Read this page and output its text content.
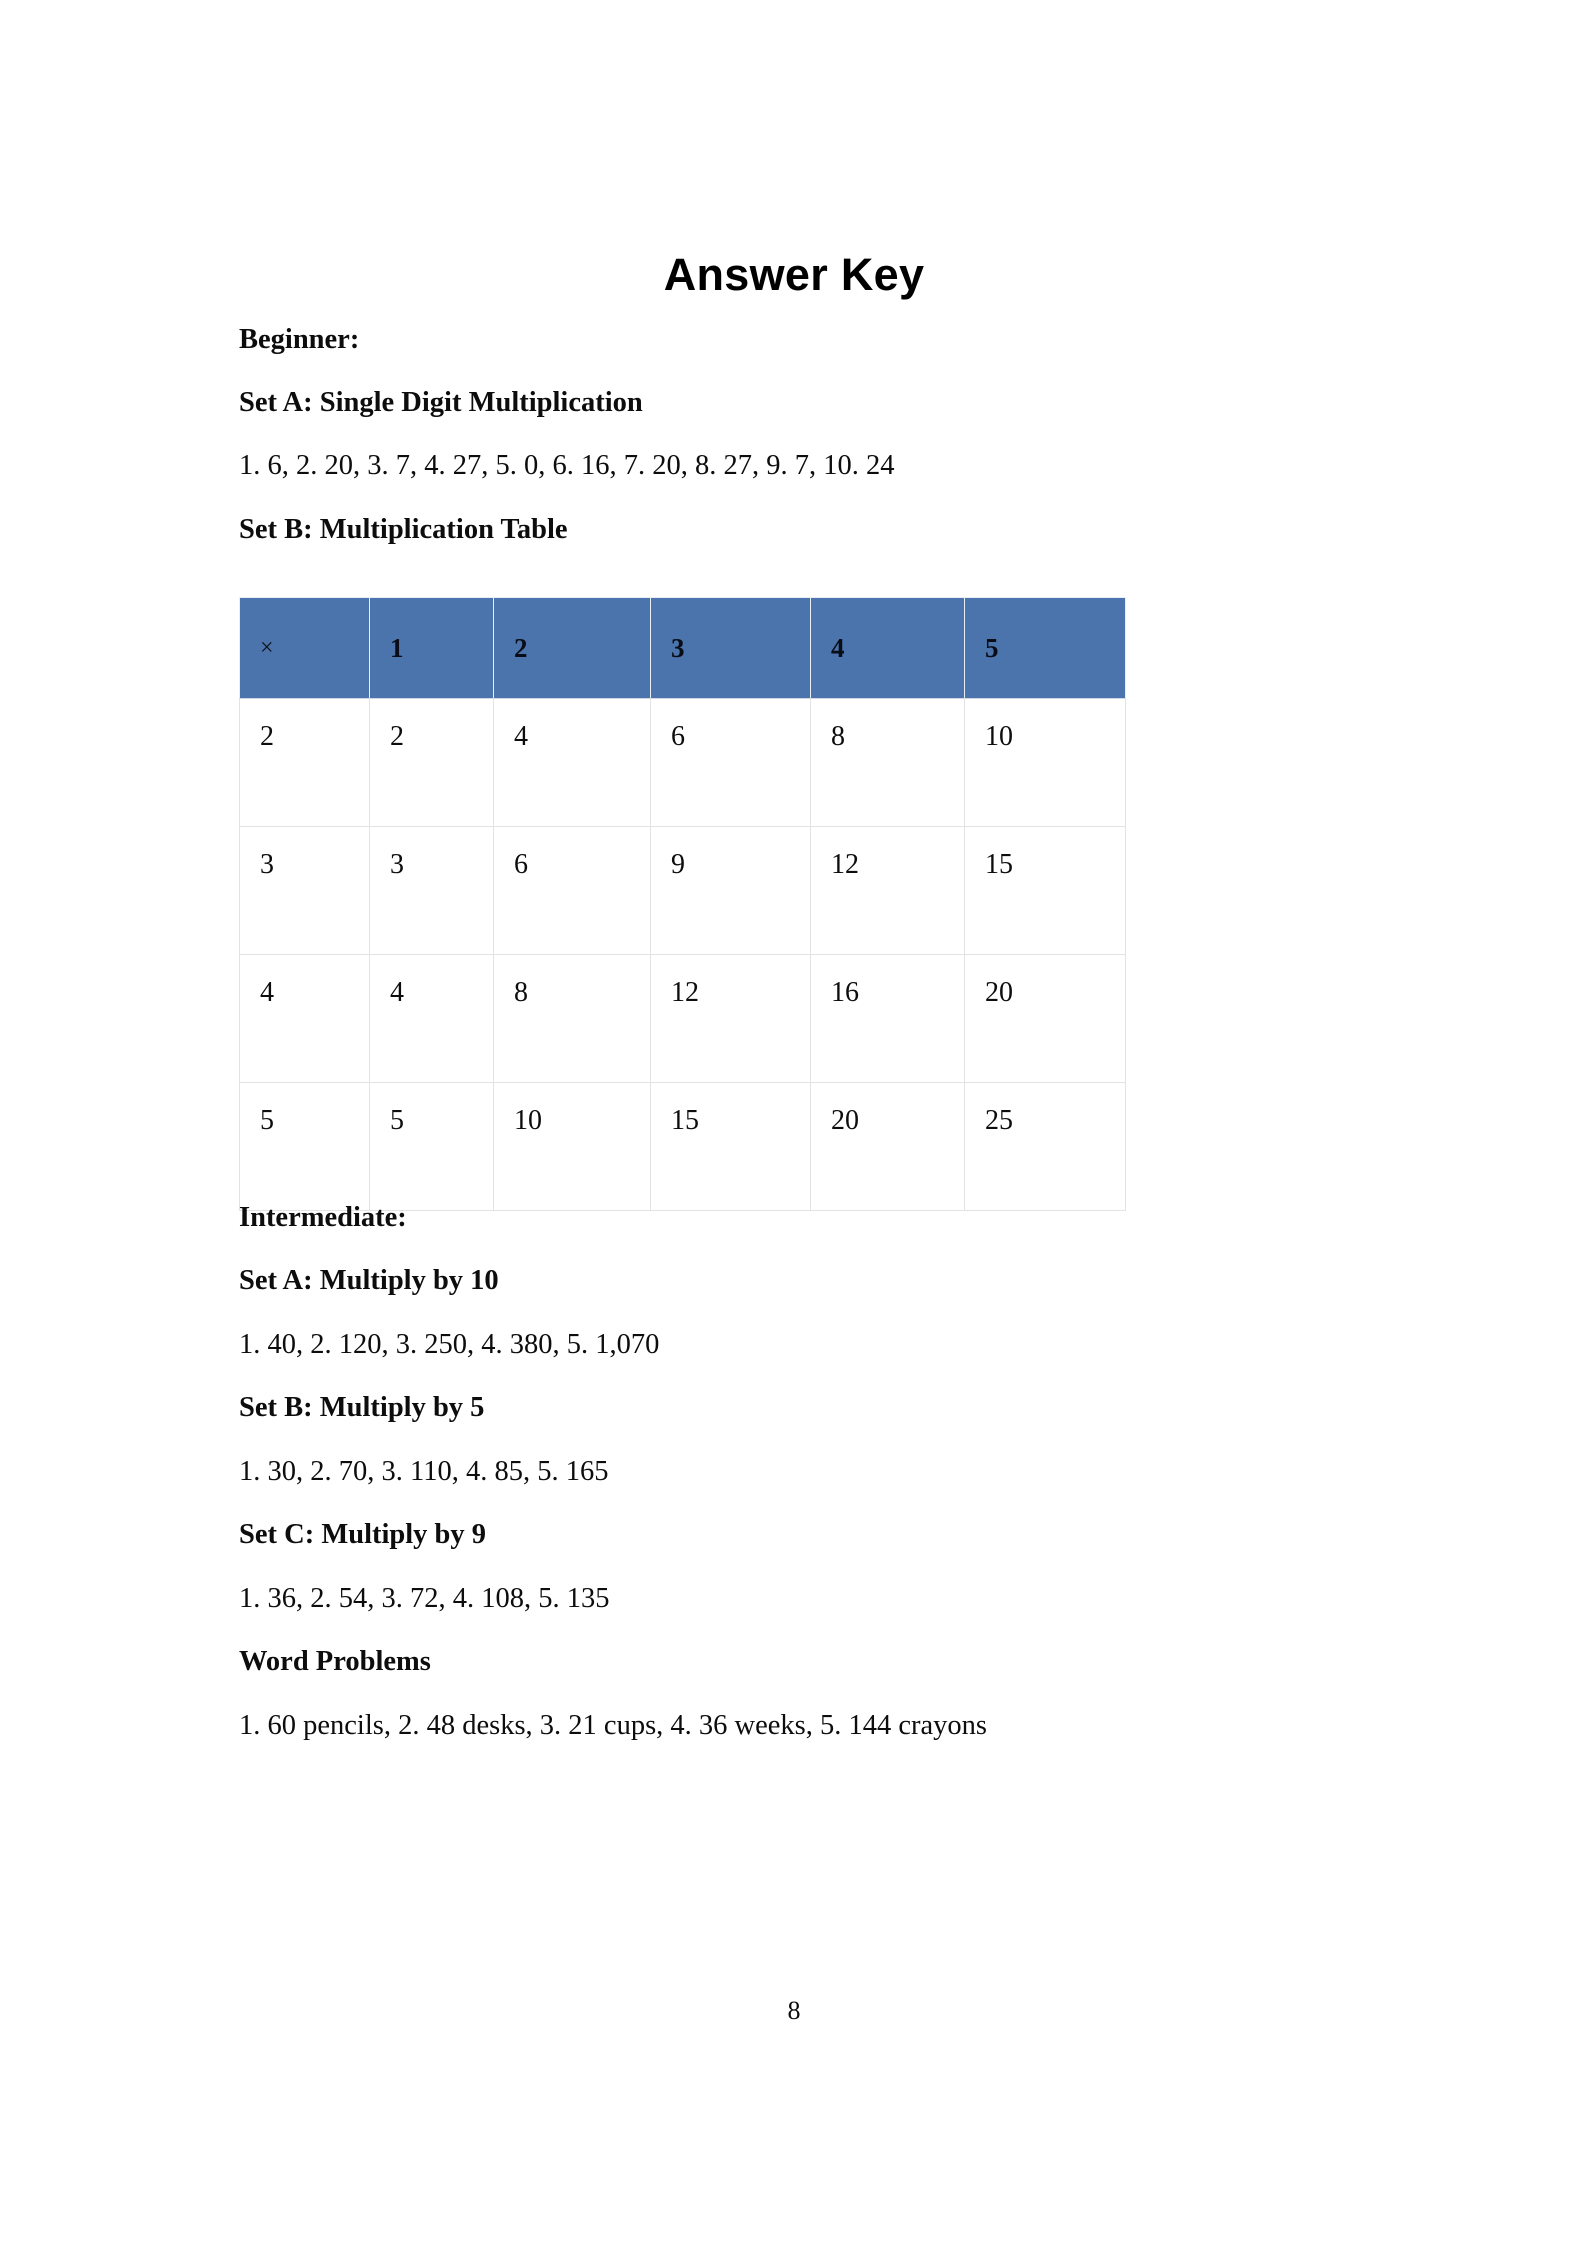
Answer Key
Beginner:
Set A: Single Digit Multiplication
1. 6, 2. 20, 3. 7, 4. 27, 5. 0, 6. 16, 7. 20, 8. 27, 9. 7, 10. 24
Set B: Multiplication Table
×	1	2	3	4	5
2	2	4	6	8	10
3	3	6	9	12	15
4	4	8	12	16	20
5	5	10	15	20	25
Intermediate:
Set A: Multiply by 10
1. 40, 2. 120, 3. 250, 4. 380, 5. 1,070
Set B: Multiply by 5
1. 30, 2. 70, 3. 110, 4. 85, 5. 165
Set C: Multiply by 9
1. 36, 2. 54, 3. 72, 4. 108, 5. 135
Word Problems
1. 60 pencils, 2. 48 desks, 3. 21 cups, 4. 36 weeks, 5. 144 crayons
8
